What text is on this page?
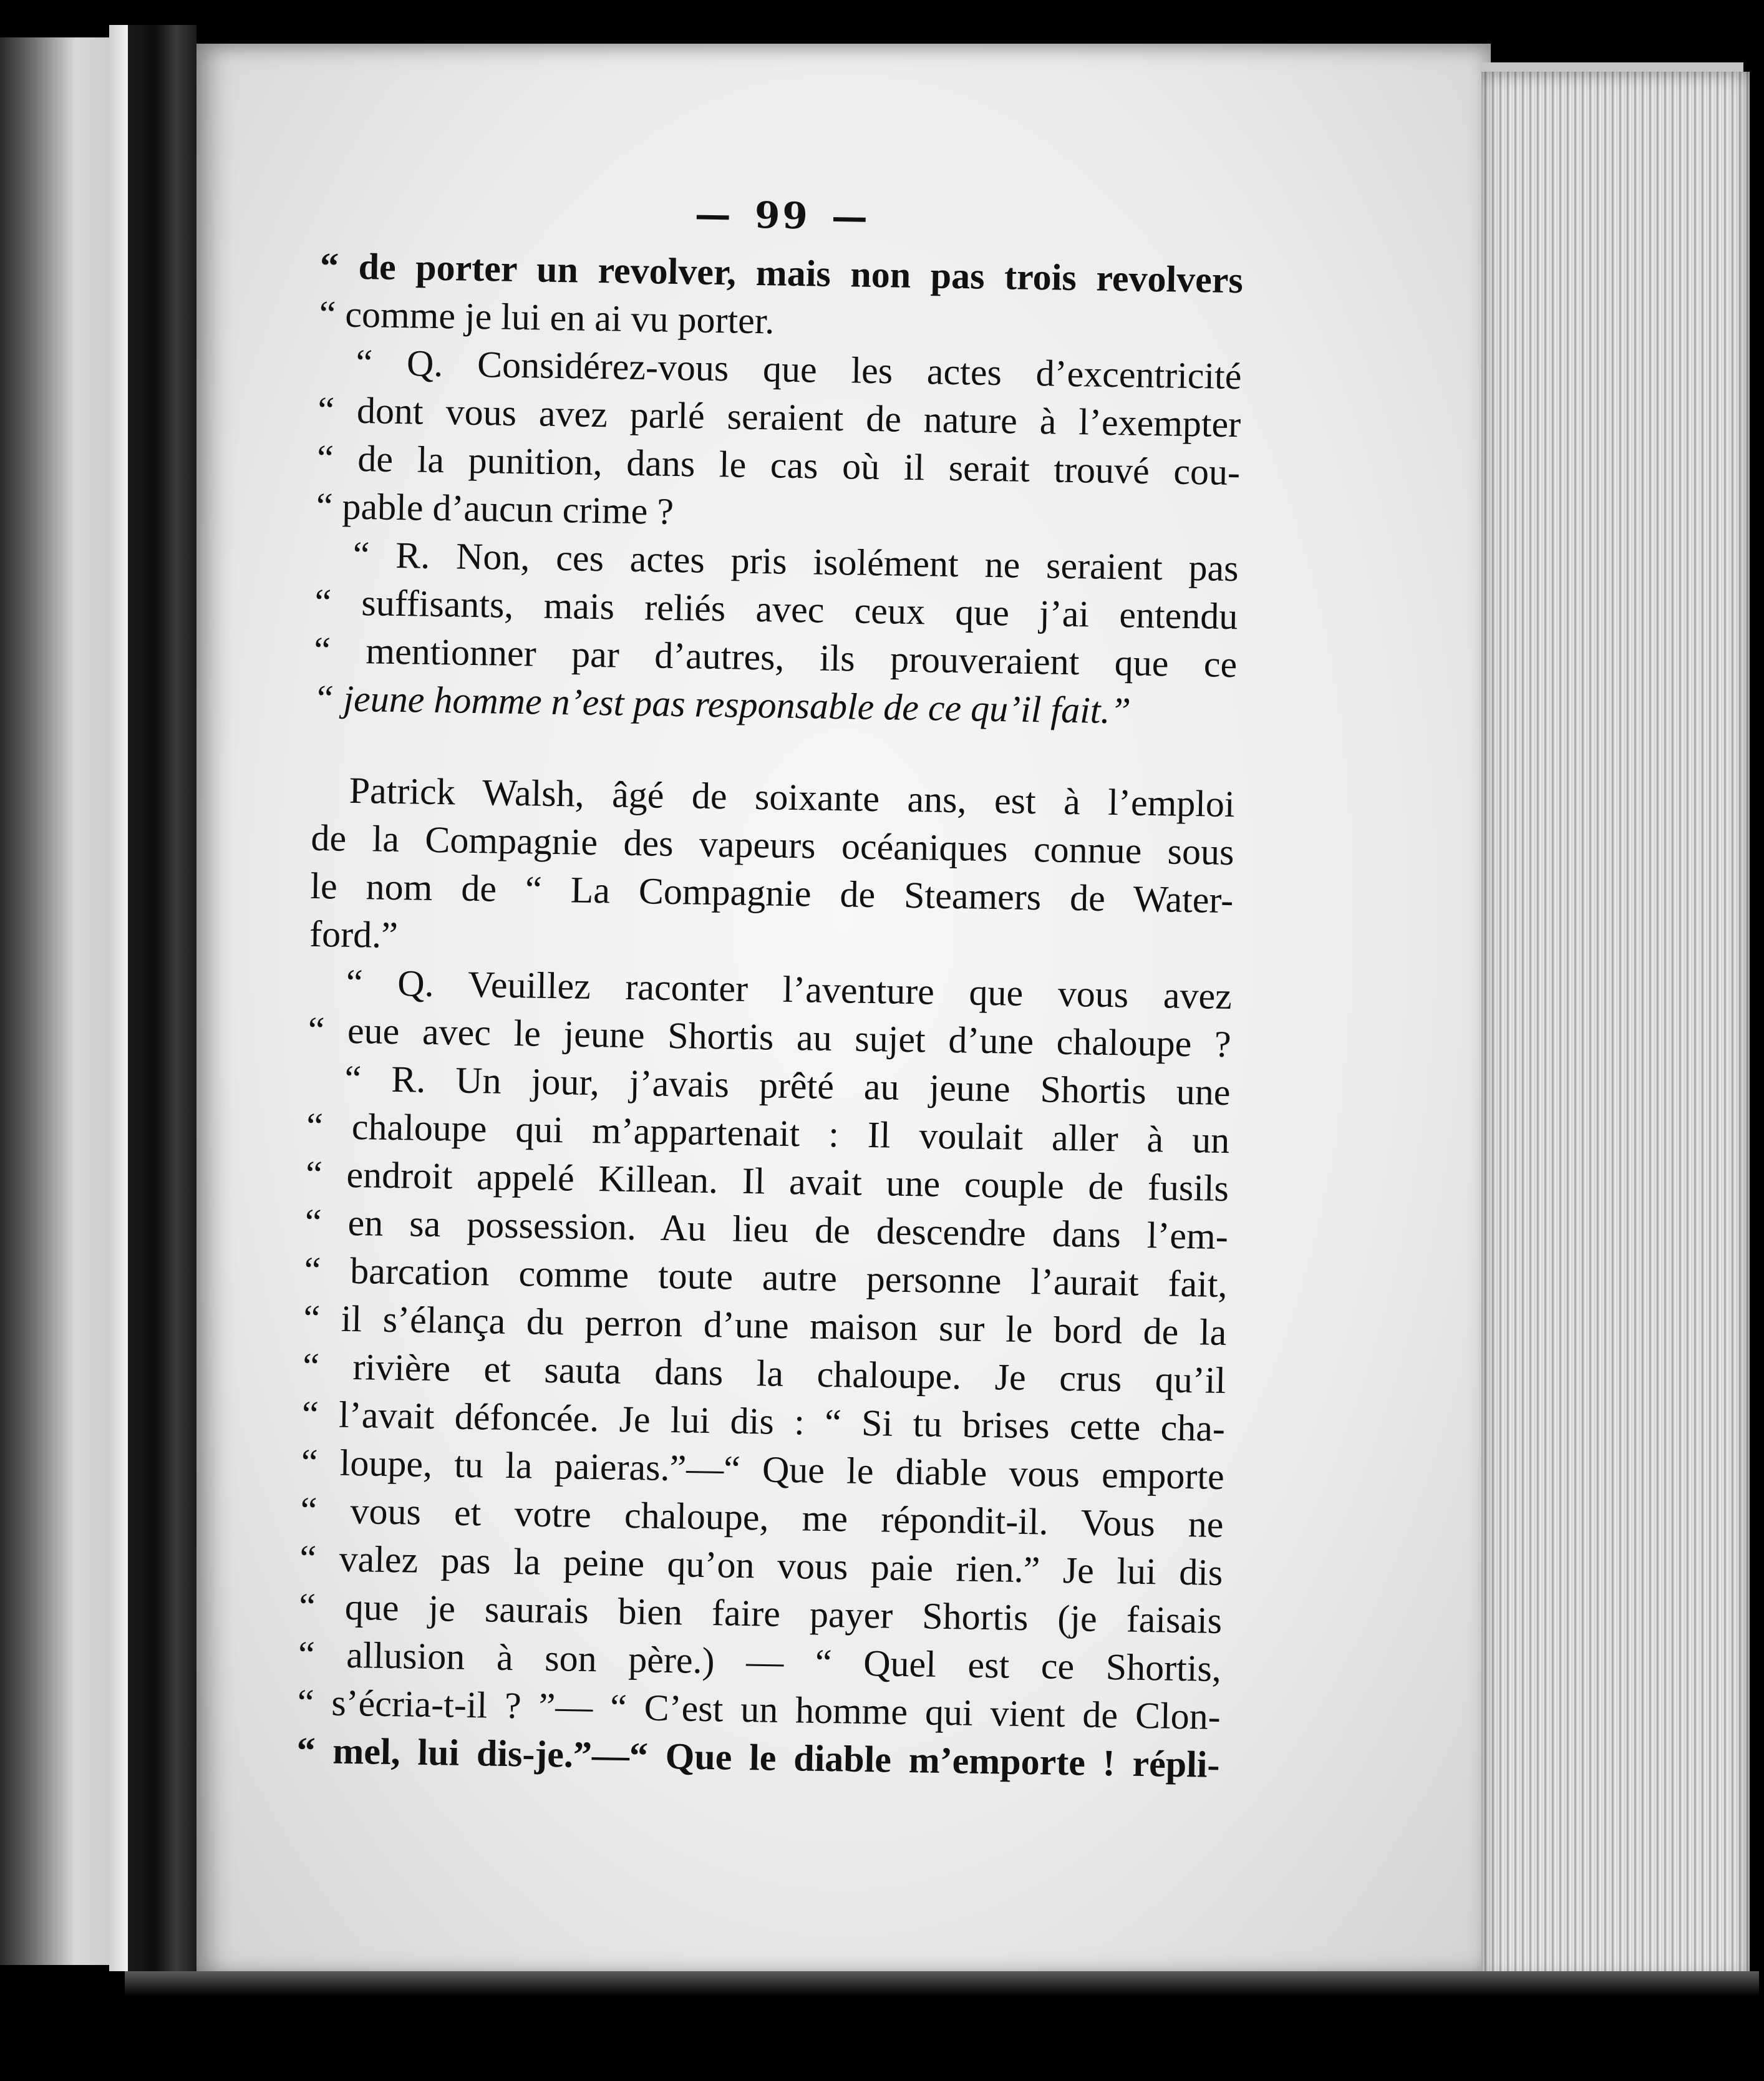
— 99 —
“ de porter un revolver, mais non pas trois revolvers
“ comme je lui en ai vu porter.
“ Q. Considérez-vous que les actes d’excentricité
“ dont vous avez parlé seraient de nature à l’exempter
“ de la punition, dans le cas où il serait trouvé cou-
“ pable d’aucun crime ?
“ R. Non, ces actes pris isolément ne seraient pas
“ suffisants, mais reliés avec ceux que j’ai entendu
“ mentionner par d’autres, ils prouveraient que ce
“ jeune homme n’est pas responsable de ce qu’il fait.”
Patrick Walsh, âgé de soixante ans, est à l’emploi
de la Compagnie des vapeurs océaniques connue sous
le nom de “ La Compagnie de Steamers de Water-
ford.”
“ Q. Veuillez raconter l’aventure que vous avez
“ eue avec le jeune Shortis au sujet d’une chaloupe ?
“ R. Un jour, j’avais prêté au jeune Shortis une
“ chaloupe qui m’appartenait : Il voulait aller à un
“ endroit appelé Killean. Il avait une couple de fusils
“ en sa possession. Au lieu de descendre dans l’em-
“ barcation comme toute autre personne l’aurait fait,
“ il s’élança du perron d’une maison sur le bord de la
“ rivière et sauta dans la chaloupe. Je crus qu’il
“ l’avait défoncée. Je lui dis : “ Si tu brises cette cha-
“ loupe, tu la paieras.”—“ Que le diable vous emporte
“ vous et votre chaloupe, me répondit-il. Vous ne
“ valez pas la peine qu’on vous paie rien.” Je lui dis
“ que je saurais bien faire payer Shortis (je faisais
“ allusion à son père.) — “ Quel est ce Shortis,
“ s’écria-t-il ? ”— “ C’est un homme qui vient de Clon-
“ mel, lui dis-je.”—“ Que le diable m’emporte ! répli-
